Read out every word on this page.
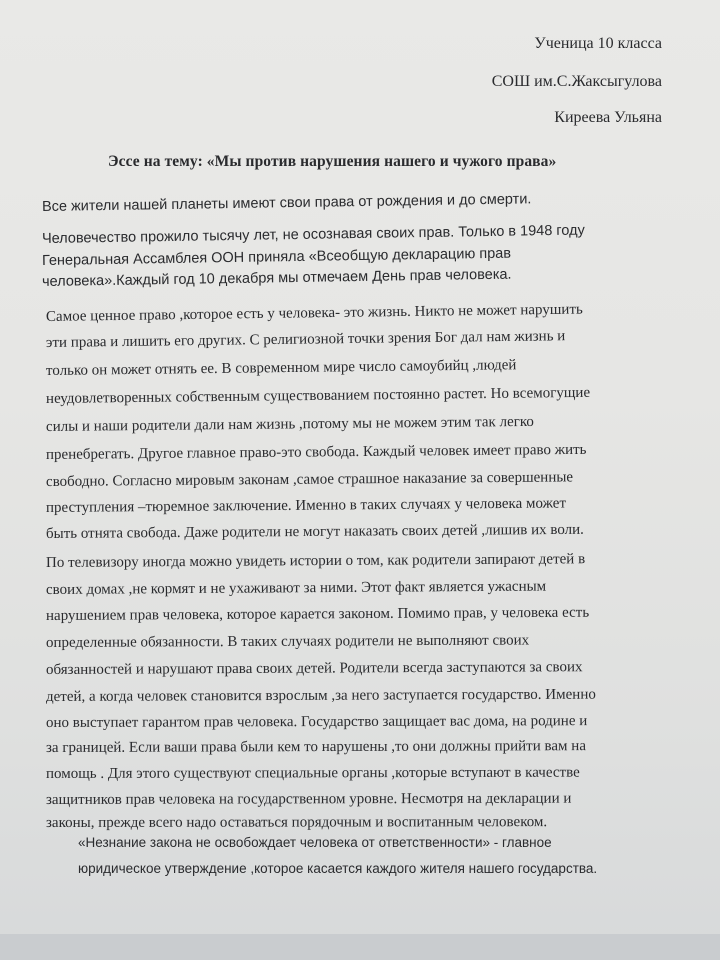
Ученица 10 класса
СОШ им.С.Жаксыгулова
Киреева Ульяна
Эссе на тему: «Мы против нарушения нашего и чужого права»
Все жители нашей планеты имеют свои права от рождения и до смерти.
Человечество прожило тысячу лет, не осознавая своих прав. Только в 1948 году
Генеральная Ассамблея ООН приняла «Всеобщую декларацию прав
человека».Каждый год 10 декабря мы отмечаем День прав человека.
Самое ценное право ,которое есть у человека- это жизнь. Никто не может нарушить
эти права и лишить его других. С религиозной точки зрения Бог дал нам жизнь и
только он может отнять ее. В современном мире число самоубийц ,людей
неудовлетворенных собственным существованием постоянно растет. Но всемогущие
силы и наши родители дали нам жизнь ,потому мы не можем этим так легко
пренебрегать. Другое главное право-это свобода. Каждый человек имеет право жить
свободно. Согласно мировым законам ,самое страшное наказание за совершенные
преступления –тюремное заключение. Именно в таких случаях у человека может
быть отнята свобода. Даже родители не могут наказать своих детей ,лишив их воли.
По телевизору иногда можно увидеть истории о том, как родители запирают детей в
своих домах ,не кормят и не ухаживают за ними. Этот факт является ужасным
нарушением прав человека, которое карается законом. Помимо прав, у человека есть
определенные обязанности. В таких случаях родители не выполняют своих
обязанностей и нарушают права своих детей. Родители всегда заступаются за своих
детей, а когда человек становится взрослым ,за него заступается государство. Именно
оно выступает гарантом прав человека. Государство защищает вас дома, на родине и
за границей. Если ваши права были кем то нарушены ,то они должны прийти вам на
помощь . Для этого существуют специальные органы ,которые вступают в качестве
защитников прав человека на государственном уровне. Несмотря на декларации и
законы, прежде всего надо оставаться порядочным и воспитанным человеком.
«Незнание закона не освобождает человека от ответственности» - главное
юридическое утверждение ,которое касается каждого жителя нашего государства.
